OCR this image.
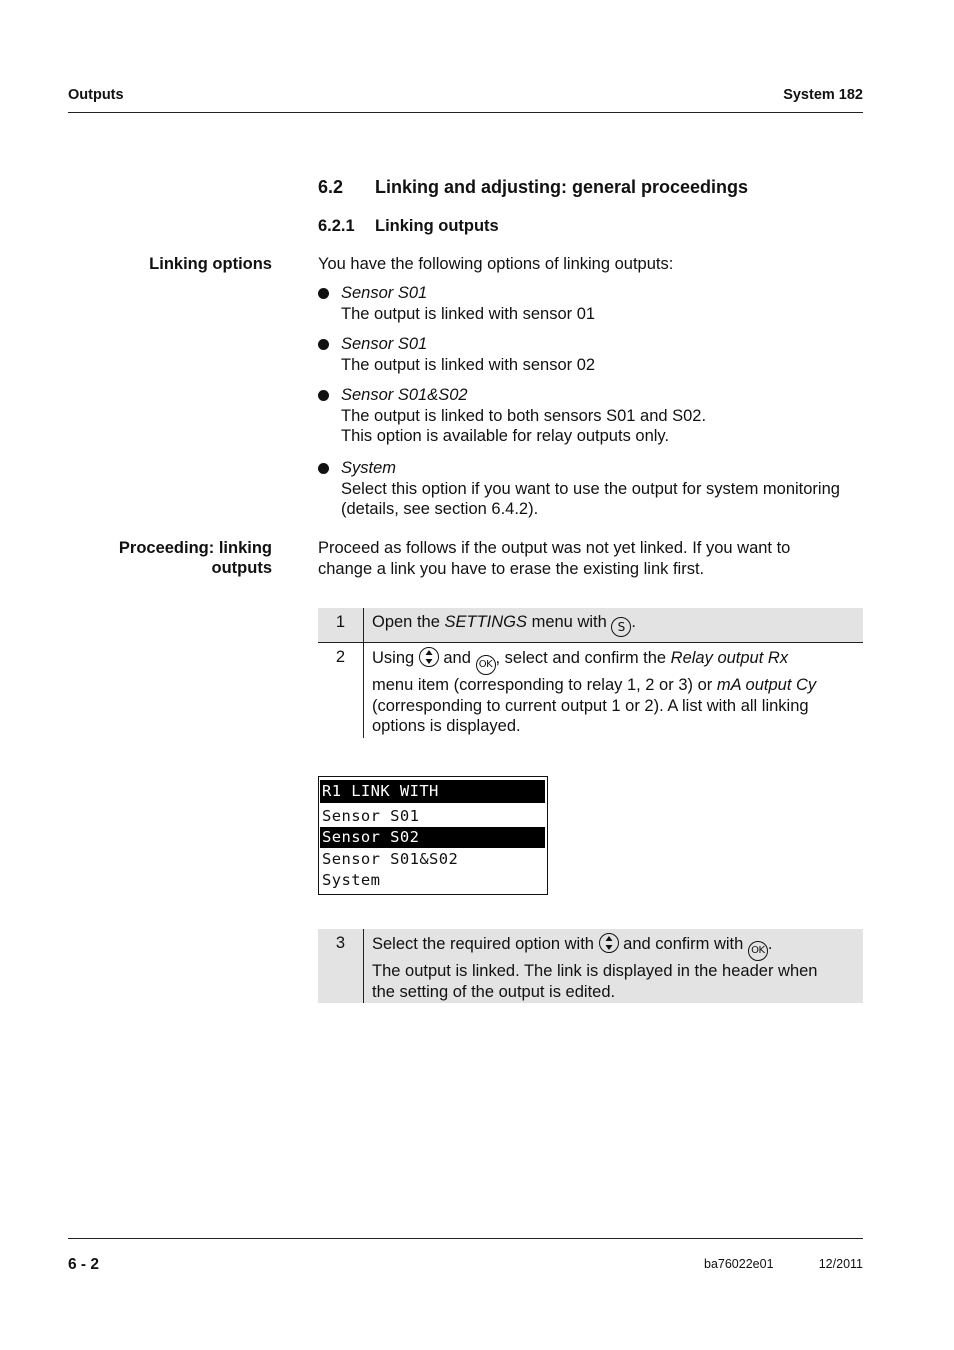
Outputs	System 182
6.2 Linking and adjusting: general proceedings
6.2.1 Linking outputs
Linking options	You have the following options of linking outputs:
Sensor S01
The output is linked with sensor 01
Sensor S01
The output is linked with sensor 02
Sensor S01&S02
The output is linked to both sensors S01 and S02.
This option is available for relay outputs only.
System
Select this option if you want to use the output for system monitoring
(details, see section 6.4.2).
Proceeding: linking
outputs
Proceed as follows if the output was not yet linked. If you want to
change a link you have to erase the existing link first.
1	Open the SETTINGS menu with S .
2	Using and OK , select and confirm the Relay output Rx
menu item (corresponding to relay 1, 2 or 3) or mA output Cy
(corresponding to current output 1 or 2). A list with all linking
options is displayed.
R1 LINK WITH
Sensor S01
Sensor S02
Sensor S01&S02
System
3	Select the required option with and confirm with OK .
The output is linked. The link is displayed in the header when
the setting of the output is edited.
6 - 2	ba76022e01	12/2011
